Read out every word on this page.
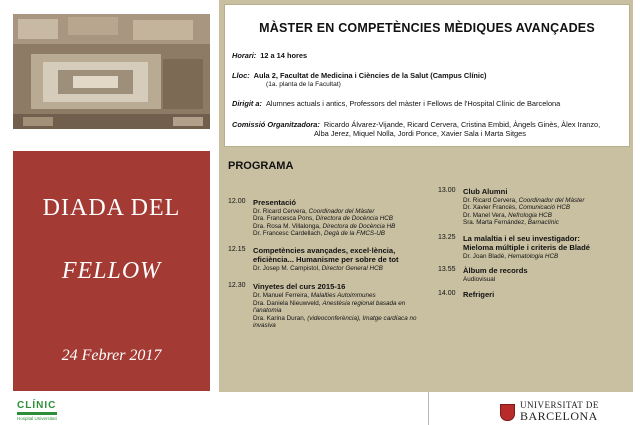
DIADA DEL
FELLOW
24 Febrer 2017
MÀSTER EN COMPETÈNCIES MÈDIQUES AVANÇADES
Horari: 12 a 14 hores
Lloc: Aula 2, Facultat de Medicina i Ciències de la Salut (Campus Clínic)
(1a. planta de la Facultat)
Dirigit a: Alumnes actuals i antics, Professors del màster i Fellows de l'Hospital Clínic de Barcelona
Comissió Organitzadora: Ricardo Álvarez-Vijande, Ricard Cervera, Cristina Embid, Àngels Ginès, Àlex Iranzo,
Alba Jerez, Miquel Nolla, Jordi Ponce, Xavier Sala i Marta Sitges
PROGRAMA
12.00 Presentació
Dr. Ricard Cervera, Coordinador del Màster
Dra. Francesca Pons, Directora de Docència HCB
Dra. Rosa M. Villalonga, Directora de Docència HB
Dr. Francesc Cardellach, Degà de la FMCS-UB
12.15 Competències avançades, excel·lència,
eficiència... Humanisme per sobre de tot
Dr. Josep M. Campistol, Director General HCB
12.30 Vinyetes del curs 2015-16
Dr. Manuel Ferreira, Malalties Autoimmunes
Dra. Daniela Nieuwveld, Anestèsia regional basada en l'anatomia
Dra. Karina Duran, (videoconferència), Imatge cardíaca no invasiva
13.00 Club Alumni
Dr. Ricard Cervera, Coordinador del Màster
Dr. Xavier Francès, Comunicació HCB
Dr. Manel Vera, Nefrologia HCB
Sra. Marta Fernández, Barnaclínic
13.25 La malaltia i el seu investigador:
Mieloma múltiple i criteris de Bladé
Dr. Joan Bladé, Hematologia HCB
13.55 Àlbum de records
Audiovisual
14.00 Refrigeri
CLÍNIC
Hospital Universitari
UNIVERSITAT DE
BARCELONA
